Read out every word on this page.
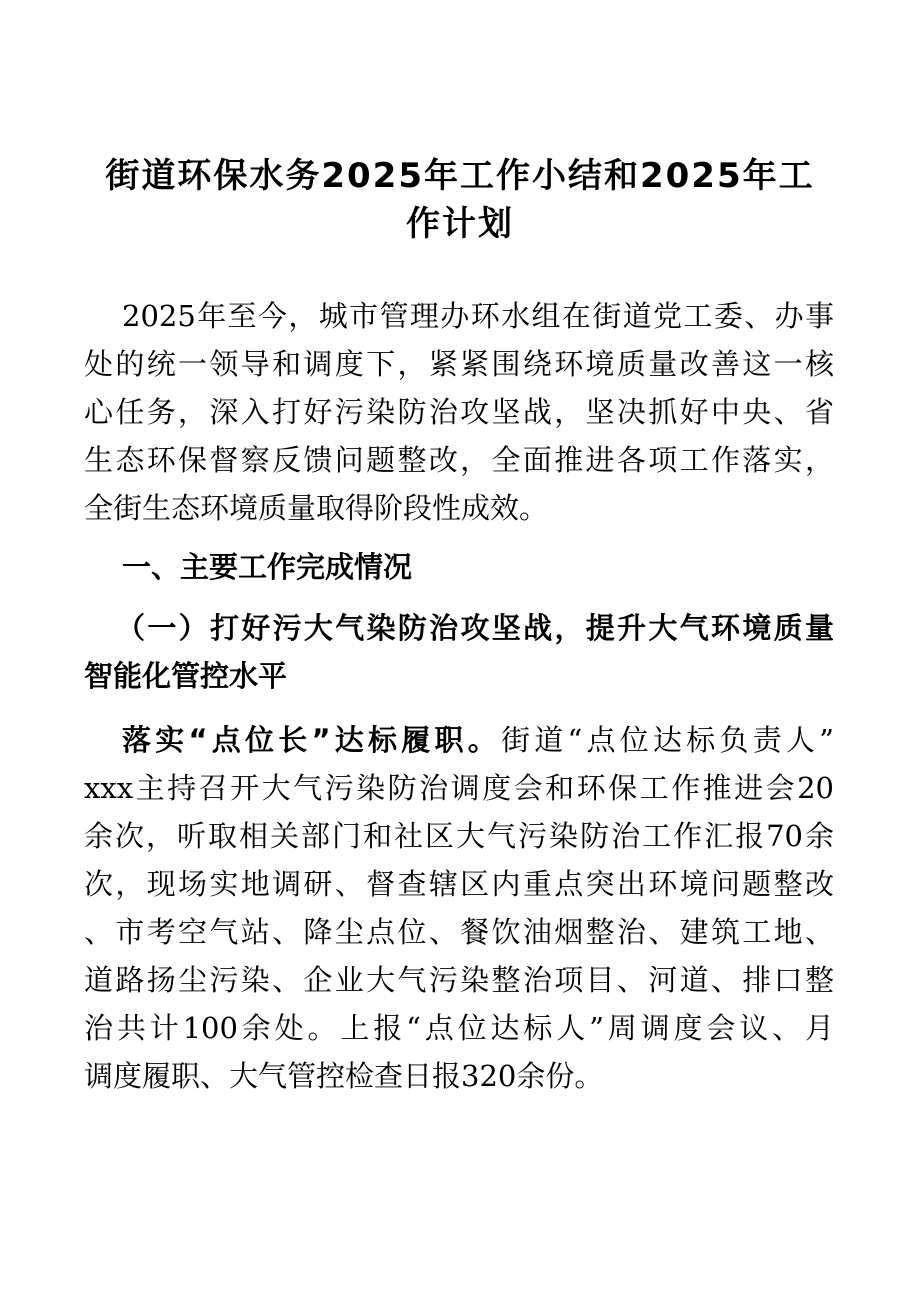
街道环保水务2025年工作小结和2025年工
作计划

2025年至今，城市管理办环水组在街道党工委、办事

处的统一领导和调度下，紧紧围绕环境质量改善这一核

心任务，深入打好污染防治攻坚战，坚决抓好中央、省

生态环保督察反馈问题整改，全面推进各项工作落实，

全街生态环境质量取得阶段性成效。

一、主要工作完成情况

（一）打好污大气染防治攻坚战，提升大气环境质量

智能化管控水平

落实“点位长”达标履职。街道“点位达标负责人”

xxx主持召开大气污染防治调度会和环保工作推进会20

余次，听取相关部门和社区大气污染防治工作汇报70余

次，现场实地调研、督查辖区内重点突出环境问题整改

、市考空气站、降尘点位、餐饮油烟整治、建筑工地、

道路扬尘污染、企业大气污染整治项目、河道、排口整

治共计100余处。上报“点位达标人”周调度会议、月

调度履职、大气管控检查日报320余份。
